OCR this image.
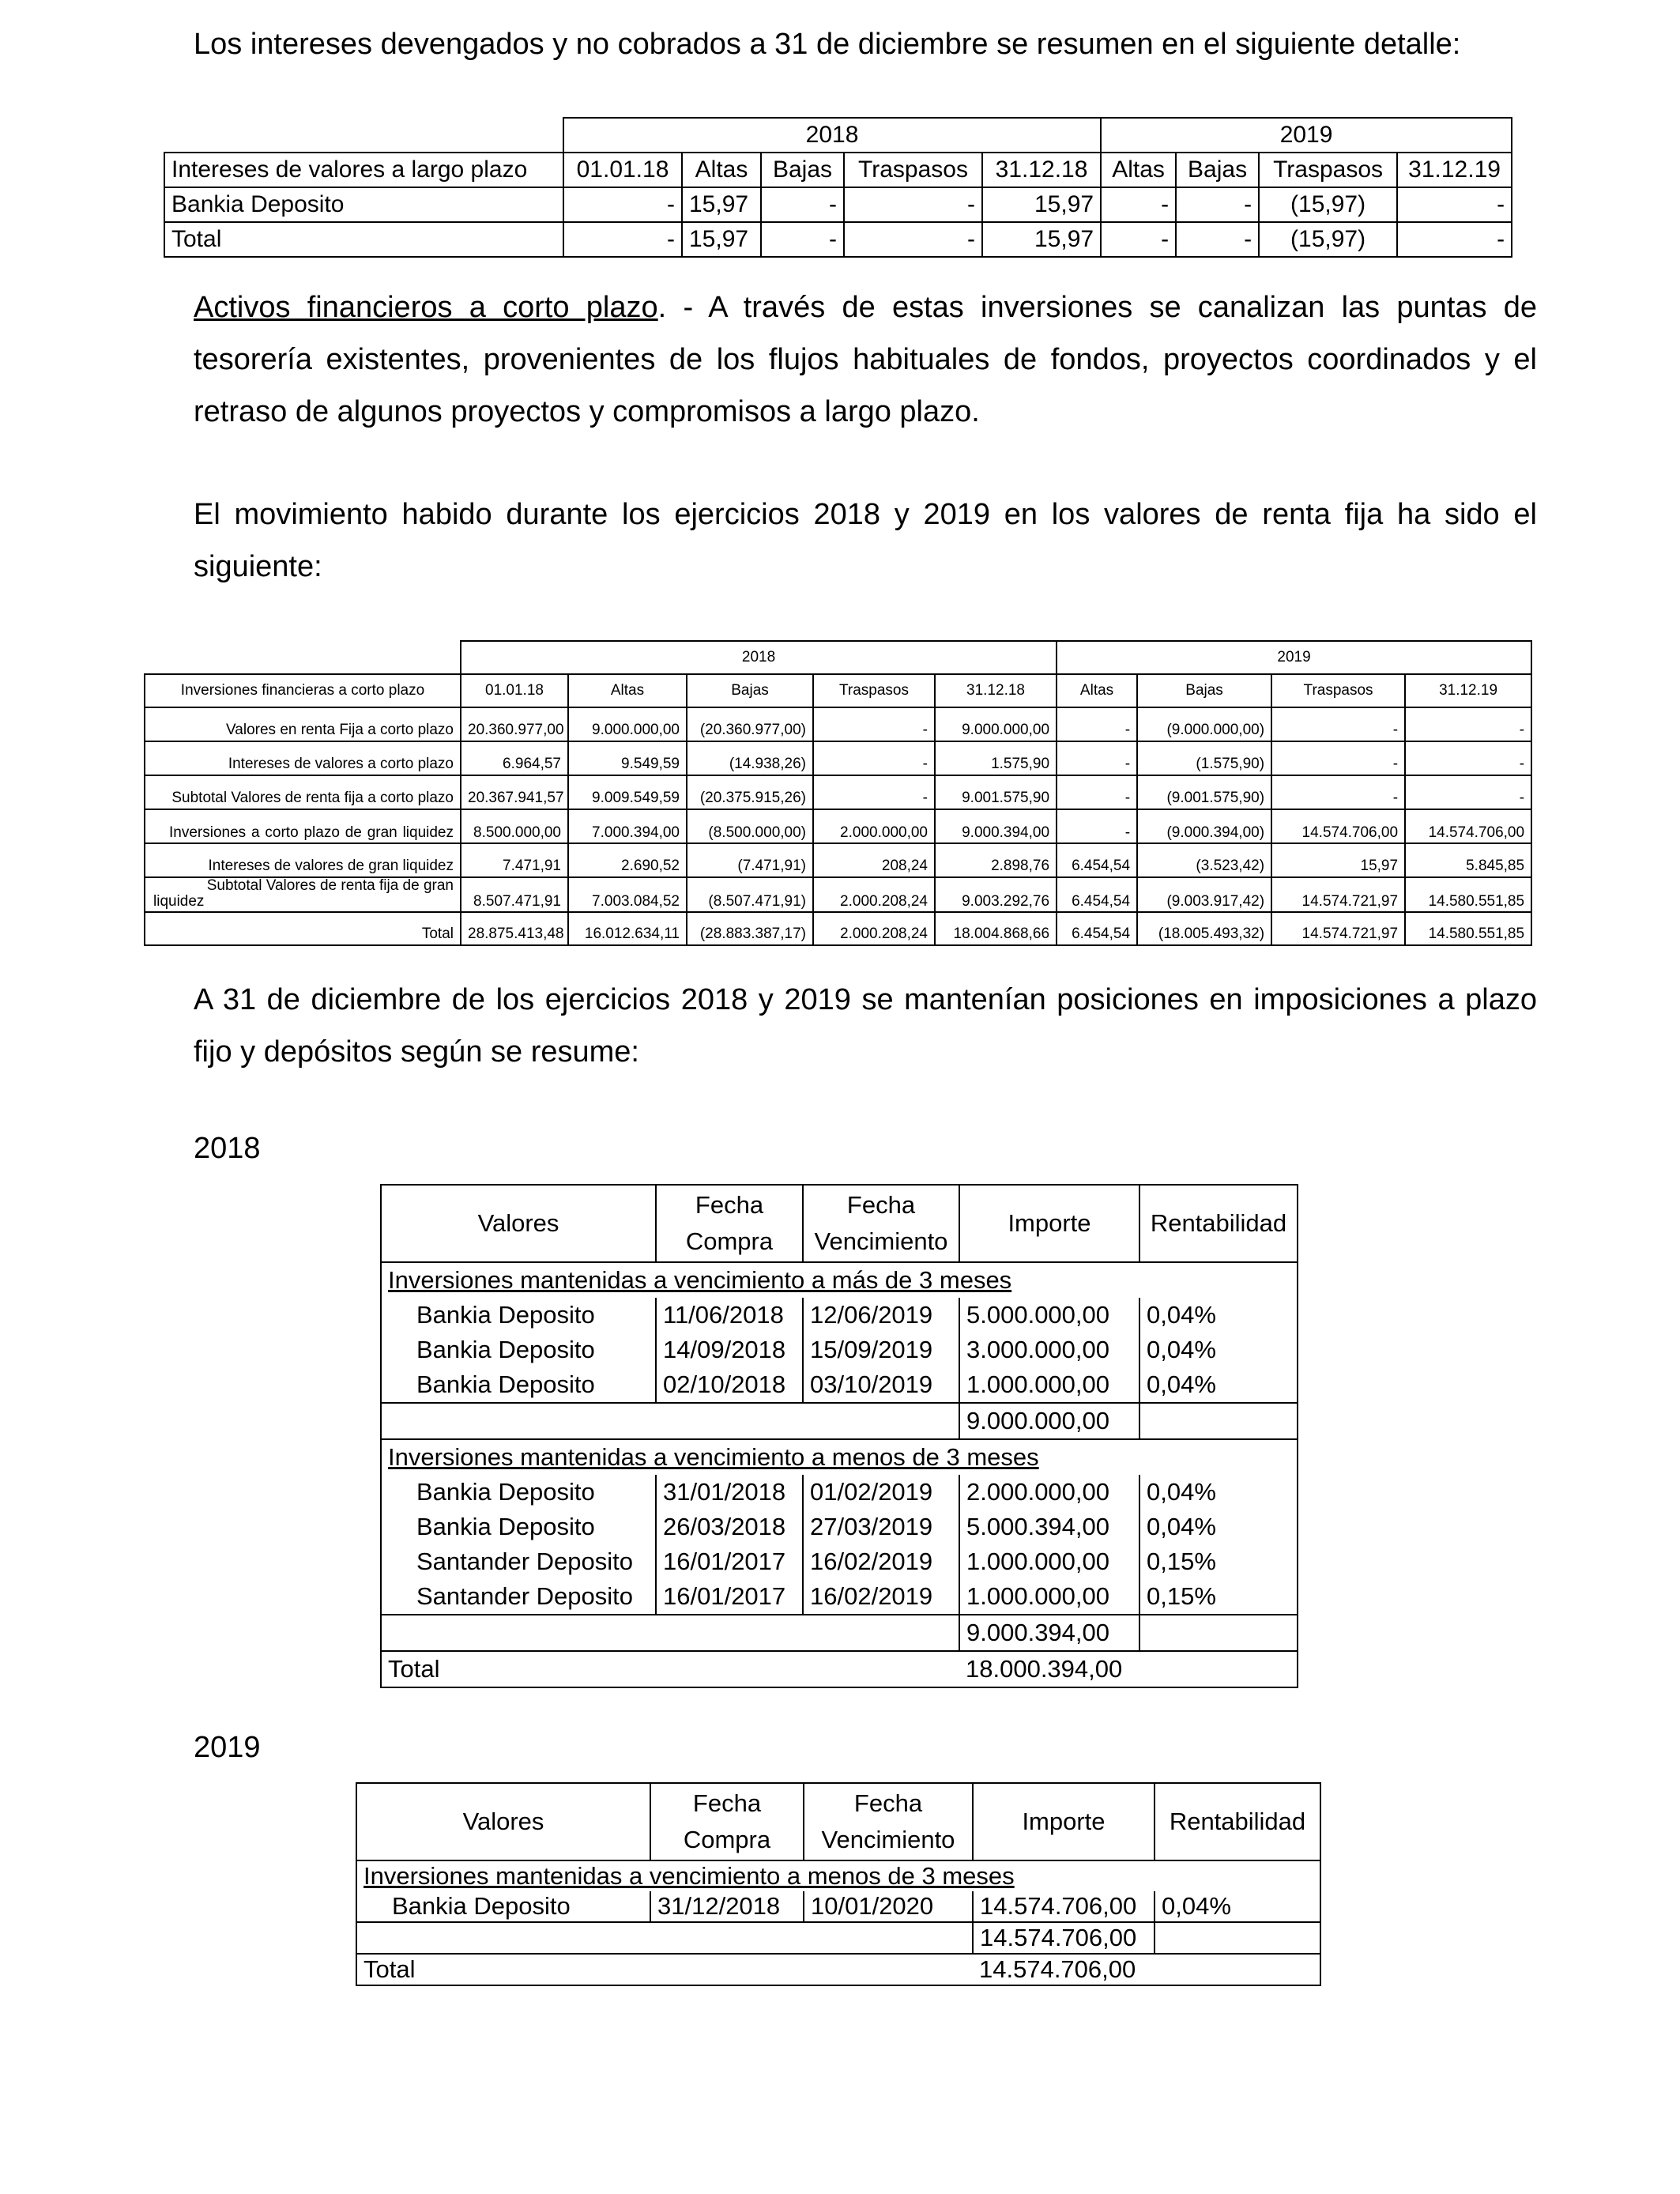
Los intereses devengados y no cobrados a 31 de diciembre se resumen en el siguiente detalle:
	2018					2019			
Intereses de valores a largo plazo	01.01.18	Altas	Bajas	Traspasos	31.12.18	Altas	Bajas	Traspasos	31.12.19
Bankia Deposito	-	15,97	-	-	15,97	-	-	(15,97)	-
Total	-	15,97	-	-	15,97	-	-	(15,97)	-

Activos financieros a corto plazo. - A través de estas inversiones se canalizan las puntas de tesorería existentes, provenientes de los flujos habituales de fondos, proyectos coordinados y el retraso de algunos proyectos y compromisos a largo plazo.

El movimiento habido durante los ejercicios 2018 y 2019 en los valores de renta fija ha sido el siguiente:

	2018					2019			
Inversiones financieras a corto plazo	01.01.18	Altas	Bajas	Traspasos	31.12.18	Altas	Bajas	Traspasos	31.12.19
Valores en renta Fija a corto plazo	20.360.977,00	9.000.000,00	(20.360.977,00)	-	9.000.000,00	-	(9.000.000,00)	-	-
Intereses de valores a corto plazo	6.964,57	9.549,59	(14.938,26)	-	1.575,90	-	(1.575,90)	-	-
Subtotal Valores de renta fija a corto plazo	20.367.941,57	9.009.549,59	(20.375.915,26)	-	9.001.575,90	-	(9.001.575,90)	-	-
Inversiones a corto plazo de gran liquidez	8.500.000,00	7.000.394,00	(8.500.000,00)	2.000.000,00	9.000.394,00	-	(9.000.394,00)	14.574.706,00	14.574.706,00
Intereses de valores de gran liquidez	7.471,91	2.690,52	(7.471,91)	208,24	2.898,76	6.454,54	(3.523,42)	15,97	5.845,85
Subtotal Valores de renta fija de gran liquidez	8.507.471,91	7.003.084,52	(8.507.471,91)	2.000.208,24	9.003.292,76	6.454,54	(9.003.917,42)	14.574.721,97	14.580.551,85
Total	28.875.413,48	16.012.634,11	(28.883.387,17)	2.000.208,24	18.004.868,66	6.454,54	(18.005.493,32)	14.574.721,97	14.580.551,85

A 31 de diciembre de los ejercicios 2018 y 2019 se mantenían posiciones en imposiciones a plazo fijo y depósitos según se resume:

2018
Valores	Fecha Compra	Fecha Vencimiento	Importe	Rentabilidad
Inversiones mantenidas a vencimiento a más de 3 meses				
Bankia Deposito	11/06/2018	12/06/2019	5.000.000,00	0,04%
Bankia Deposito	14/09/2018	15/09/2019	3.000.000,00	0,04%
Bankia Deposito	02/10/2018	03/10/2019	1.000.000,00	0,04%
			9.000.000,00	
Inversiones mantenidas a vencimiento a menos de 3 meses				
Bankia Deposito	31/01/2018	01/02/2019	2.000.000,00	0,04%
Bankia Deposito	26/03/2018	27/03/2019	5.000.394,00	0,04%
Santander Deposito	16/01/2017	16/02/2019	1.000.000,00	0,15%
Santander Deposito	16/01/2017	16/02/2019	1.000.000,00	0,15%
			9.000.394,00	
Total			18.000.394,00	
2019
Valores	Fecha Compra	Fecha Vencimiento	Importe	Rentabilidad
Inversiones mantenidas a vencimiento a menos de 3 meses				
Bankia Deposito	31/12/2018	10/01/2020	14.574.706,00	0,04%
			14.574.706,00	
Total			14.574.706,00	
